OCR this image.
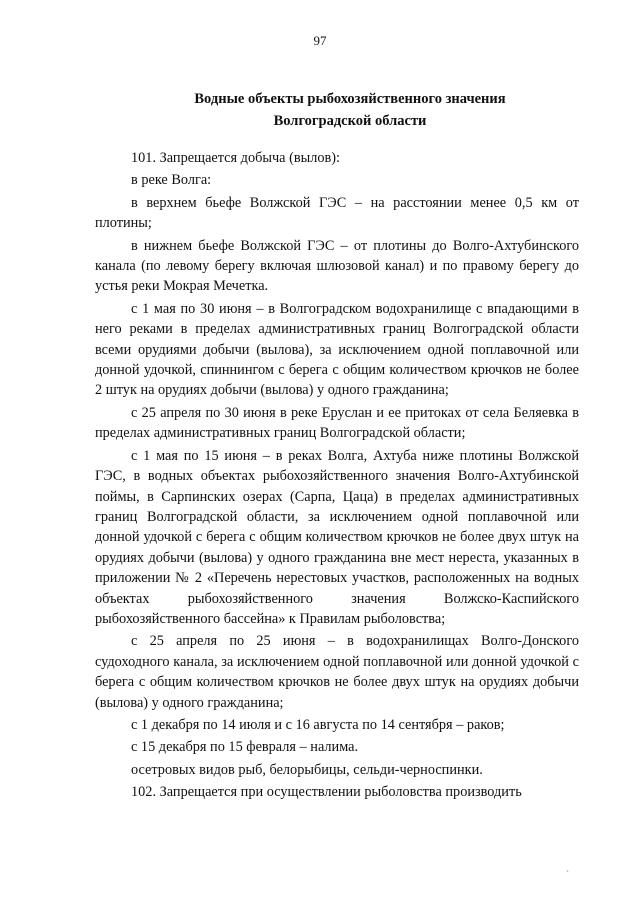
97
Водные объекты рыбохозяйственного значения
Волгоградской области

101. Запрещается добыча (вылов):

в реке Волга:

в верхнем бьефе Волжской ГЭС – на расстоянии менее 0,5 км от плотины;

в нижнем бьефе Волжской ГЭС – от плотины до Волго-Ахтубинского канала (по левому берегу включая шлюзовой канал) и по правому берегу до устья реки Мокрая Мечетка.

с 1 мая по 30 июня – в Волгоградском водохранилище с впадающими в него реками в пределах административных границ Волгоградской области всеми орудиями добычи (вылова), за исключением одной поплавочной или донной удочкой, спиннингом с берега с общим количеством крючков не более 2 штук на орудиях добычи (вылова) у одного гражданина;

с 25 апреля по 30 июня в реке Еруслан и ее притоках от села Беляевка в пределах административных границ Волгоградской области;

с 1 мая по 15 июня – в реках Волга, Ахтуба ниже плотины Волжской ГЭС, в водных объектах рыбохозяйственного значения Волго-Ахтубинской поймы, в Сарпинских озерах (Сарпа, Цаца) в пределах административных границ Волгоградской области, за исключением одной поплавочной или донной удочкой с берега с общим количеством крючков не более двух штук на орудиях добычи (вылова) у одного гражданина вне мест нереста, указанных в приложении № 2 «Перечень нерестовых участков, расположенных на водных объектах рыбохозяйственного значения Волжско-Каспийского рыбохозяйственного бассейна» к Правилам рыболовства;

с 25 апреля по 25 июня – в водохранилищах Волго-Донского судоходного канала, за исключением одной поплавочной или донной удочкой с берега с общим количеством крючков не более двух штук на орудиях добычи (вылова) у одного гражданина;

с 1 декабря по 14 июля и с 16 августа по 14 сентября – раков;

с 15 декабря по 15 февраля – налима.

осетровых видов рыб, белорыбицы, сельди-черноспинки.

102. Запрещается при осуществлении рыболовства производить

ˏ
